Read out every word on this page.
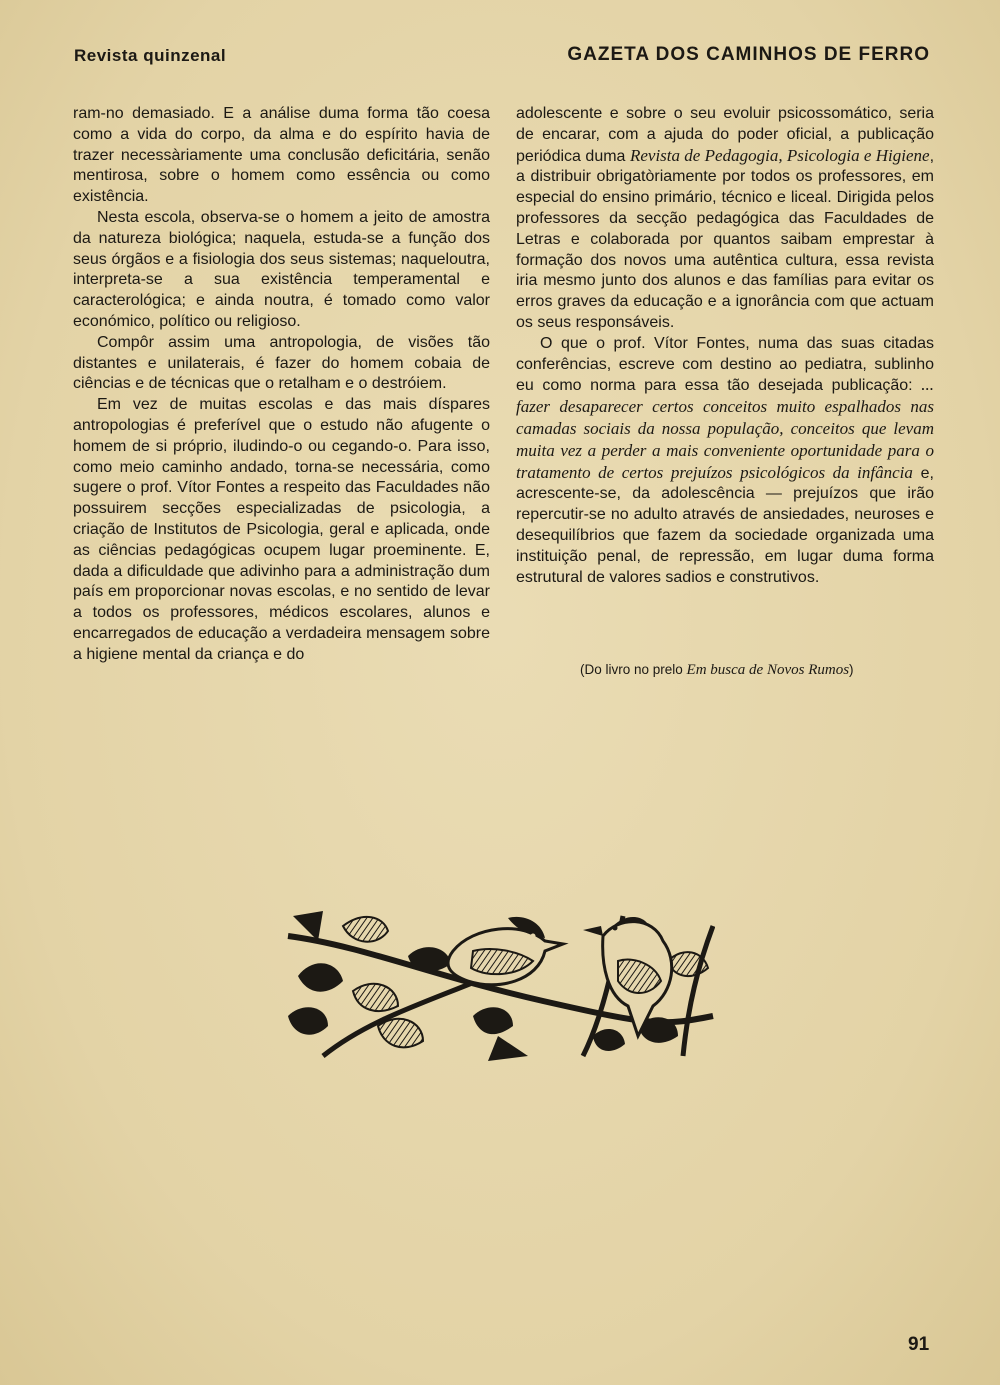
Revista quinzenal	GAZETA DOS CAMINHOS DE FERRO

ram-no demasiado. E a análise duma forma tão coesa como a vida do corpo, da alma e do espírito havia de trazer necessàriamente uma conclusão deficitária, senão mentirosa, sobre o homem como essência ou como existência.

Nesta escola, observa-se o homem a jeito de amostra da natureza biológica; naquela, estuda-se a função dos seus órgãos e a fisiologia dos seus sistemas; naqueloutra, interpreta-se a sua existência temperamental e caracterológica; e ainda noutra, é tomado como valor económico, político ou religioso.

Compôr assim uma antropologia, de visões tão distantes e unilaterais, é fazer do homem cobaia de ciências e de técnicas que o retalham e o destróiem.

Em vez de muitas escolas e das mais díspares antropologias é preferível que o estudo não afugente o homem de si próprio, iludindo-o ou cegando-o. Para isso, como meio caminho andado, torna-se necessária, como sugere o prof. Vítor Fontes a respeito das Faculdades não possuirem secções especializadas de psicologia, a criação de Institutos de Psicologia, geral e aplicada, onde as ciências pedagógicas ocupem lugar proeminente. E, dada a dificuldade que adivinho para a administração dum país em proporcionar novas escolas, e no sentido de levar a todos os professores, médicos escolares, alunos e encarregados de educação a verdadeira mensagem sobre a higiene mental da criança e do

adolescente e sobre o seu evoluir psicossomático, seria de encarar, com a ajuda do poder oficial, a publicação periódica duma Revista de Pedagogia, Psicologia e Higiene, a distribuir obrigatòriamente por todos os professores, em especial do ensino primário, técnico e liceal. Dirigida pelos professores da secção pedagógica das Faculdades de Letras e colaborada por quantos saibam emprestar à formação dos novos uma autêntica cultura, essa revista iria mesmo junto dos alunos e das famílias para evitar os erros graves da educação e a ignorância com que actuam os seus responsáveis.

O que o prof. Vítor Fontes, numa das suas citadas conferências, escreve com destino ao pediatra, sublinho eu como norma para essa tão desejada publicação: ... fazer desaparecer certos conceitos muito espalhados nas camadas sociais da nossa população, conceitos que levam muita vez a perder a mais conveniente oportunidade para o tratamento de certos prejuízos psicológicos da infância e, acrescente-se, da adolescência — prejuízos que irão repercutir-se no adulto através de ansiedades, neuroses e desequilíbrios que fazem da sociedade organizada uma instituição penal, de repressão, em lugar duma forma estrutural de valores sadios e construtivos.

(Do livro no prelo Em busca de Novos Rumos)
91
